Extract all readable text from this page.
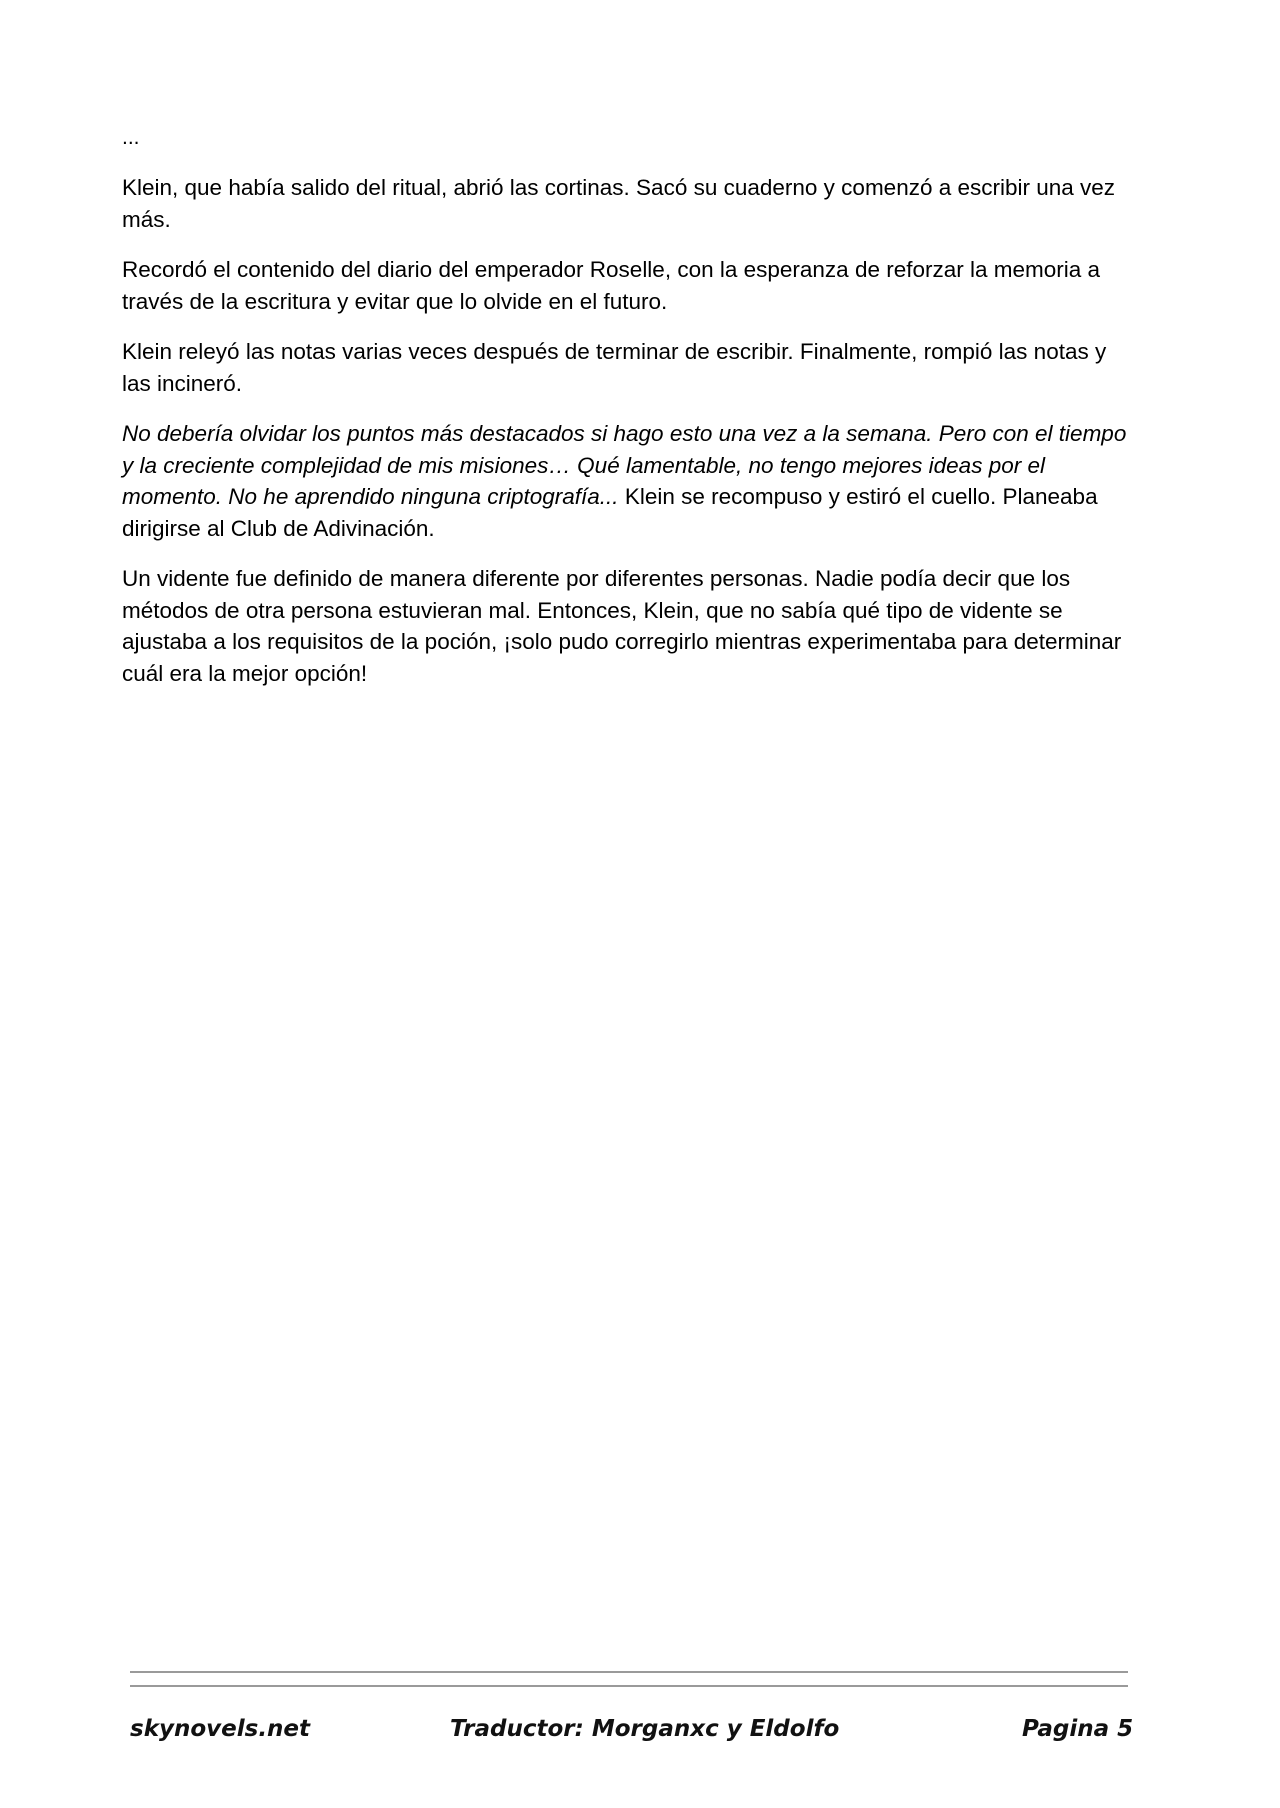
...

Klein, que había salido del ritual, abrió las cortinas. Sacó su cuaderno y comenzó a escribir una vez más.

Recordó el contenido del diario del emperador Roselle, con la esperanza de reforzar la memoria a través de la escritura y evitar que lo olvide en el futuro.

Klein releyó las notas varias veces después de terminar de escribir. Finalmente, rompió las notas y las incineró.

No debería olvidar los puntos más destacados si hago esto una vez a la semana. Pero con el tiempo y la creciente complejidad de mis misiones… Qué lamentable, no tengo mejores ideas por el momento. No he aprendido ninguna criptografía... Klein se recompuso y estiró el cuello. Planeaba dirigirse al Club de Adivinación.

Un vidente fue definido de manera diferente por diferentes personas. Nadie podía decir que los métodos de otra persona estuvieran mal. Entonces, Klein, que no sabía qué tipo de vidente se ajustaba a los requisitos de la poción, ¡solo pudo corregirlo mientras experimentaba para determinar cuál era la mejor opción!

skynovels.net	Traductor: Morganxc y Eldolfo	Pagina 5
